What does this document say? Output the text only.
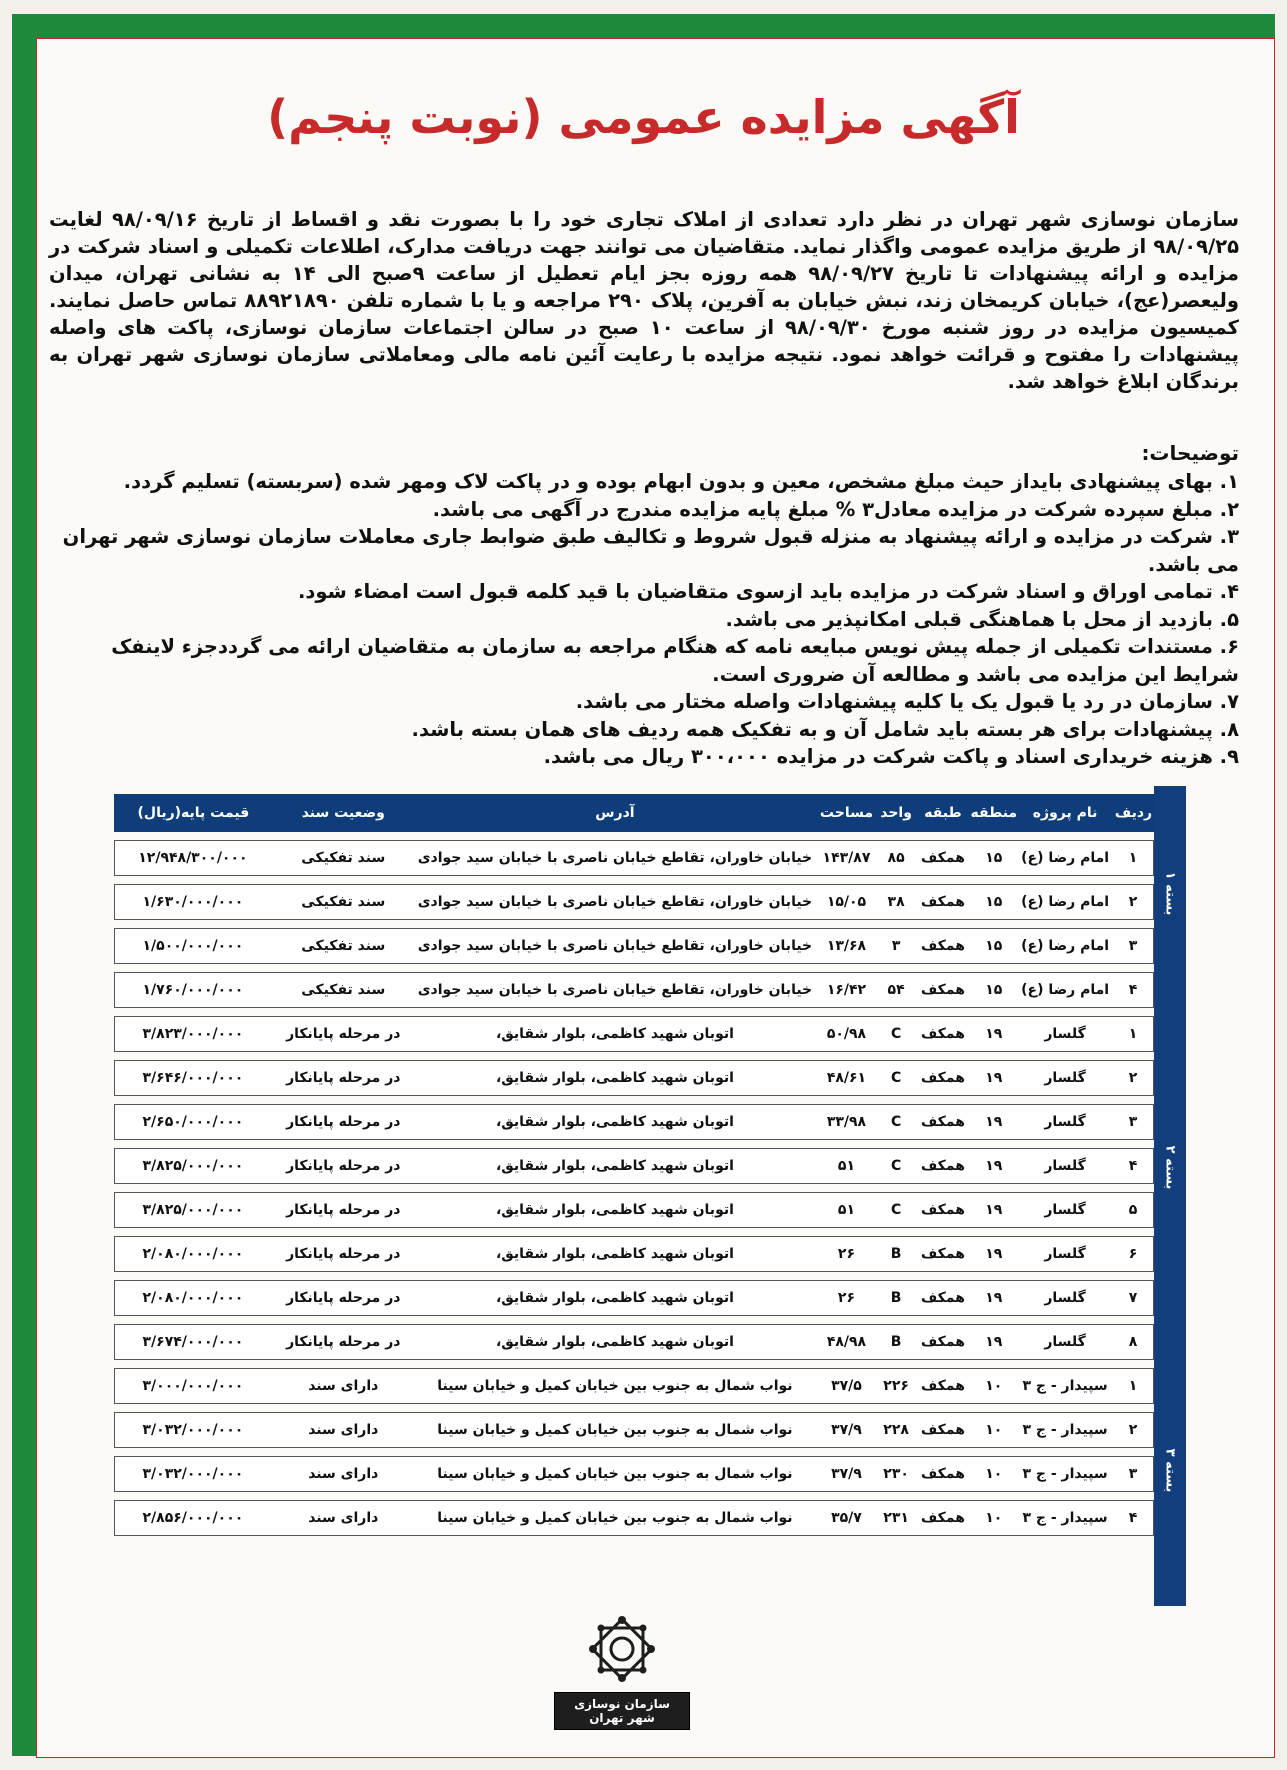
آگهی مزایده عمومی (نوبت پنجم)
سازمان نوسازی شهر تهران در نظر دارد تعدادی از املاک تجاری خود را با بصورت نقد و اقساط از تاریخ ۹۸/۰۹/۱۶ لغایت ۹۸/۰۹/۲۵ از طریق مزایده عمومی واگذار نماید. متقاضیان می توانند جهت دریافت مدارک، اطلاعات تکمیلی و اسناد شرکت در مزایده و ارائه پیشنهادات تا تاریخ ۹۸/۰۹/۲۷ همه روزه بجز ایام تعطیل از ساعت ۹صبح الی ۱۴ به نشانی تهران، میدان ولیعصر(عج)، خیابان کریمخان زند، نبش خیابان به آفرین، پلاک ۲۹۰ مراجعه و یا با شماره تلفن ۸۸۹۲۱۸۹۰ تماس حاصل نمایند. کمیسیون مزایده در روز شنبه مورخ ۹۸/۰۹/۳۰ از ساعت ۱۰ صبح در سالن اجتماعات سازمان نوسازی، پاکت های واصله پیشنهادات را مفتوح و قرائت خواهد نمود. نتیجه مزایده با رعایت آئین نامه مالی ومعاملاتی سازمان نوسازی شهر تهران به برندگان ابلاغ خواهد شد.
توضیحات:
۱. بهای پیشنهادی بایداز حیث مبلغ مشخص، معین و بدون ابهام بوده و در پاکت لاک ومهر شده (سربسته) تسلیم گردد.
۲. مبلغ سپرده شرکت در مزایده معادل۳ % مبلغ پایه مزایده مندرج در آگهی می باشد.
۳. شرکت در مزایده و ارائه پیشنهاد به منزله قبول شروط و تکالیف طبق ضوابط جاری معاملات سازمان نوسازی شهر تهران می باشد.
۴. تمامی اوراق و اسناد شرکت در مزایده باید ازسوی متقاضیان با قید کلمه قبول است امضاء شود.
۵. بازدید از محل با هماهنگی قبلی امکانپذیر می باشد.
۶. مستندات تکمیلی از جمله پیش نویس مبایعه نامه که هنگام مراجعه به سازمان به متقاضیان ارائه می گرددجزء لاینفک شرایط این مزایده می باشد و مطالعه آن ضروری است.
۷. سازمان در رد یا قبول یک یا کلیه پیشنهادات واصله مختار می باشد.
۸. پیشنهادات برای هر بسته باید شامل آن و به تفکیک همه ردیف های همان بسته باشد.
۹. هزینه خریداری اسناد و پاکت شرکت در مزایده ۳۰۰،۰۰۰ ریال می باشد.
بسته ۱
بسته ۲
بسته ۳
ردیف	نام پروژه	منطقه	طبقه	واحد	مساحت	آدرس	وضعیت سند	قیمت پایه(ریال)
۱	امام رضا (ع)	۱۵	همکف	۸۵	۱۴۳/۸۷	خیابان خاوران، تقاطع خیابان ناصری با خیابان سید جوادی	سند تفکیکی	۱۲/۹۴۸/۳۰۰/۰۰۰
۲	امام رضا (ع)	۱۵	همکف	۳۸	۱۵/۰۵	خیابان خاوران، تقاطع خیابان ناصری با خیابان سید جوادی	سند تفکیکی	۱/۶۳۰/۰۰۰/۰۰۰
۳	امام رضا (ع)	۱۵	همکف	۳	۱۳/۶۸	خیابان خاوران، تقاطع خیابان ناصری با خیابان سید جوادی	سند تفکیکی	۱/۵۰۰/۰۰۰/۰۰۰
۴	امام رضا (ع)	۱۵	همکف	۵۴	۱۶/۴۲	خیابان خاوران، تقاطع خیابان ناصری با خیابان سید جوادی	سند تفکیکی	۱/۷۶۰/۰۰۰/۰۰۰
۱	گلسار	۱۹	همکف	C	۵۰/۹۸	اتوبان شهید کاظمی، بلوار شقایق،	در مرحله پایانکار	۳/۸۲۳/۰۰۰/۰۰۰
۲	گلسار	۱۹	همکف	C	۴۸/۶۱	اتوبان شهید کاظمی، بلوار شقایق،	در مرحله پایانکار	۳/۶۴۶/۰۰۰/۰۰۰
۳	گلسار	۱۹	همکف	C	۳۳/۹۸	اتوبان شهید کاظمی، بلوار شقایق،	در مرحله پایانکار	۲/۶۵۰/۰۰۰/۰۰۰
۴	گلسار	۱۹	همکف	C	۵۱	اتوبان شهید کاظمی، بلوار شقایق،	در مرحله پایانکار	۳/۸۲۵/۰۰۰/۰۰۰
۵	گلسار	۱۹	همکف	C	۵۱	اتوبان شهید کاظمی، بلوار شقایق،	در مرحله پایانکار	۳/۸۲۵/۰۰۰/۰۰۰
۶	گلسار	۱۹	همکف	B	۲۶	اتوبان شهید کاظمی، بلوار شقایق،	در مرحله پایانکار	۲/۰۸۰/۰۰۰/۰۰۰
۷	گلسار	۱۹	همکف	B	۲۶	اتوبان شهید کاظمی، بلوار شقایق،	در مرحله پایانکار	۲/۰۸۰/۰۰۰/۰۰۰
۸	گلسار	۱۹	همکف	B	۴۸/۹۸	اتوبان شهید کاظمی، بلوار شقایق،	در مرحله پایانکار	۳/۶۷۴/۰۰۰/۰۰۰
۱	سپیدار - ج ۳	۱۰	همکف	۲۲۶	۳۷/۵	نواب شمال به جنوب بین خیابان کمیل و خیابان سینا	دارای سند	۳/۰۰۰/۰۰۰/۰۰۰
۲	سپیدار - ج ۳	۱۰	همکف	۲۲۸	۳۷/۹	نواب شمال به جنوب بین خیابان کمیل و خیابان سینا	دارای سند	۳/۰۳۲/۰۰۰/۰۰۰
۳	سپیدار - ج ۳	۱۰	همکف	۲۳۰	۳۷/۹	نواب شمال به جنوب بین خیابان کمیل و خیابان سینا	دارای سند	۳/۰۳۲/۰۰۰/۰۰۰
۴	سپیدار - ج ۳	۱۰	همکف	۲۳۱	۳۵/۷	نواب شمال به جنوب بین خیابان کمیل و خیابان سینا	دارای سند	۲/۸۵۶/۰۰۰/۰۰۰
سازمان نوسازی شهر تهران
